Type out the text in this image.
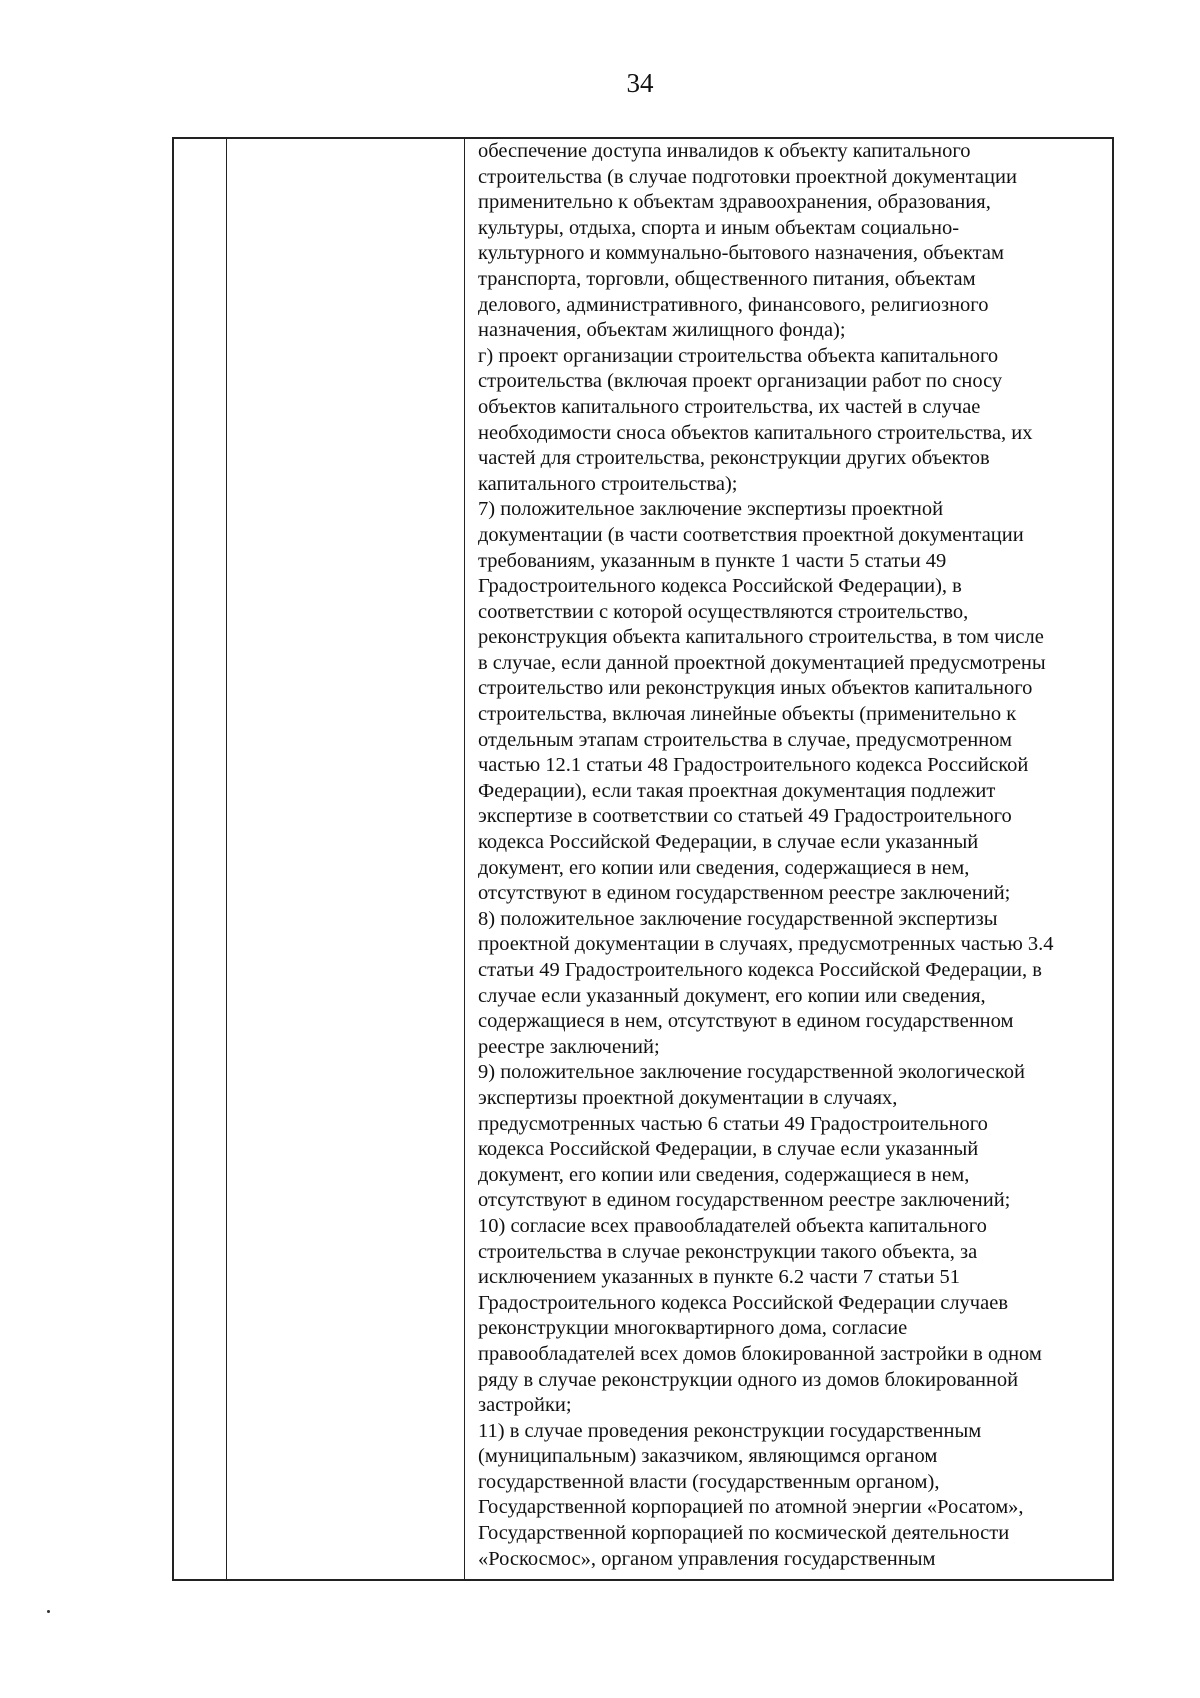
34
обеспечение доступа инвалидов к объекту капитального
строительства (в случае подготовки проектной документации
применительно к объектам здравоохранения, образования,
культуры, отдыха, спорта и иным объектам социально-
культурного и коммунально-бытового назначения, объектам
транспорта, торговли, общественного питания, объектам
делового, административного, финансового, религиозного
назначения, объектам жилищного фонда);
г) проект организации строительства объекта капитального
строительства (включая проект организации работ по сносу
объектов капитального строительства, их частей в случае
необходимости сноса объектов капитального строительства, их
частей для строительства, реконструкции других объектов
капитального строительства);
7) положительное заключение экспертизы проектной
документации (в части соответствия проектной документации
требованиям, указанным в пункте 1 части 5 статьи 49
Градостроительного кодекса Российской Федерации), в
соответствии с которой осуществляются строительство,
реконструкция объекта капитального строительства, в том числе
в случае, если данной проектной документацией предусмотрены
строительство или реконструкция иных объектов капитального
строительства, включая линейные объекты (применительно к
отдельным этапам строительства в случае, предусмотренном
частью 12.1 статьи 48 Градостроительного кодекса Российской
Федерации), если такая проектная документация подлежит
экспертизе в соответствии со статьей 49 Градостроительного
кодекса Российской Федерации, в случае если указанный
документ, его копии или сведения, содержащиеся в нем,
отсутствуют в едином государственном реестре заключений;
8) положительное заключение государственной экспертизы
проектной документации в случаях, предусмотренных частью 3.4
статьи 49 Градостроительного кодекса Российской Федерации, в
случае если указанный документ, его копии или сведения,
содержащиеся в нем, отсутствуют в едином государственном
реестре заключений;
9) положительное заключение государственной экологической
экспертизы проектной документации в случаях,
предусмотренных частью 6 статьи 49 Градостроительного
кодекса Российской Федерации, в случае если указанный
документ, его копии или сведения, содержащиеся в нем,
отсутствуют в едином государственном реестре заключений;
10) согласие всех правообладателей объекта капитального
строительства в случае реконструкции такого объекта, за
исключением указанных в пункте 6.2 части 7 статьи 51
Градостроительного кодекса Российской Федерации случаев
реконструкции многоквартирного дома, согласие
правообладателей всех домов блокированной застройки в одном
ряду в случае реконструкции одного из домов блокированной
застройки;
11) в случае проведения реконструкции государственным
(муниципальным) заказчиком, являющимся органом
государственной власти (государственным органом),
Государственной корпорацией по атомной энергии «Росатом»,
Государственной корпорацией по космической деятельности
«Роскосмос», органом управления государственным
